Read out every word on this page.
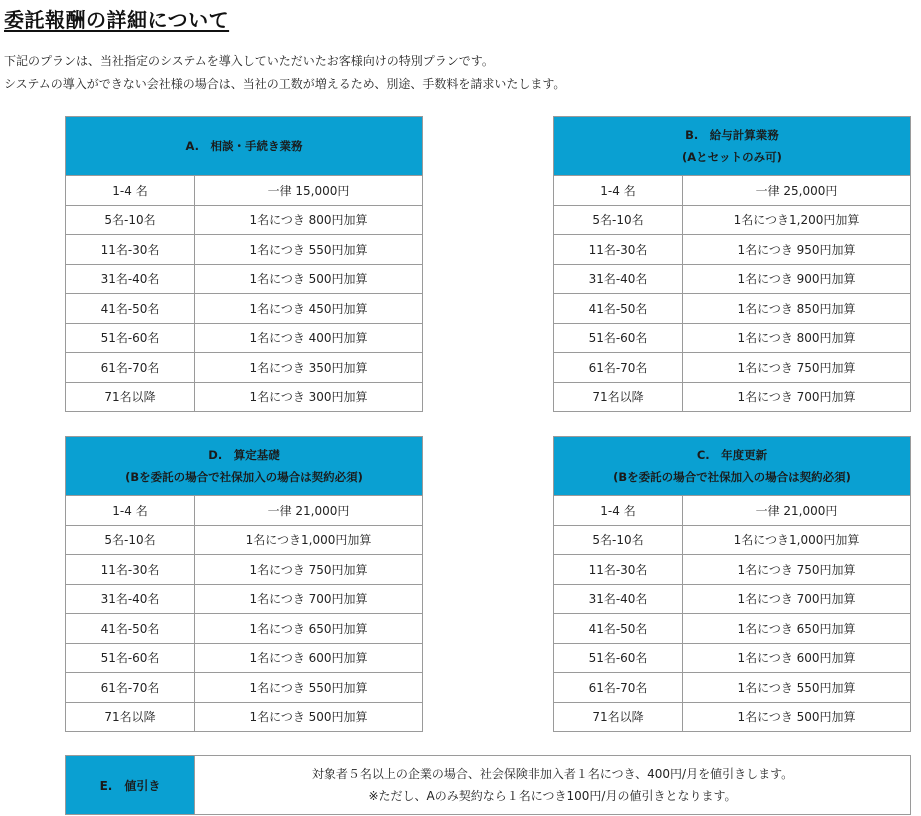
委託報酬の詳細について
下記のプランは、当社指定のシステムを導入していただいたお客様向けの特別プランです。
システムの導入ができない会社様の場合は、当社の工数が増えるため、別途、手数料を請求いたします。
A.　相談・手続き業務	

1-4 名	一律 15,000円
5名-10名	1名につき 800円加算
11名-30名	1名につき 550円加算
31名-40名	1名につき 500円加算
41名-50名	1名につき 450円加算
51名-60名	1名につき 400円加算
61名-70名	1名につき 350円加算
71名以降	1名につき 300円加算
B.　給与計算業務
(Aとセットのみ可)	

1-4 名	一律 25,000円
5名-10名	1名につき1,200円加算
11名-30名	1名につき 950円加算
31名-40名	1名につき 900円加算
41名-50名	1名につき 850円加算
51名-60名	1名につき 800円加算
61名-70名	1名につき 750円加算
71名以降	1名につき 700円加算
D.　算定基礎
(Bを委託の場合で社保加入の場合は契約必須)	

1-4 名	一律 21,000円
5名-10名	1名につき1,000円加算
11名-30名	1名につき 750円加算
31名-40名	1名につき 700円加算
41名-50名	1名につき 650円加算
51名-60名	1名につき 600円加算
61名-70名	1名につき 550円加算
71名以降	1名につき 500円加算
C.　年度更新
(Bを委託の場合で社保加入の場合は契約必須)	

1-4 名	一律 21,000円
5名-10名	1名につき1,000円加算
11名-30名	1名につき 750円加算
31名-40名	1名につき 700円加算
41名-50名	1名につき 650円加算
51名-60名	1名につき 600円加算
61名-70名	1名につき 550円加算
71名以降	1名につき 500円加算
E.　値引き	
対象者５名以上の企業の場合、社会保険非加入者１名につき、400円/月を値引きします。
※ただし、Aのみ契約なら１名につき100円/月の値引きとなります。
